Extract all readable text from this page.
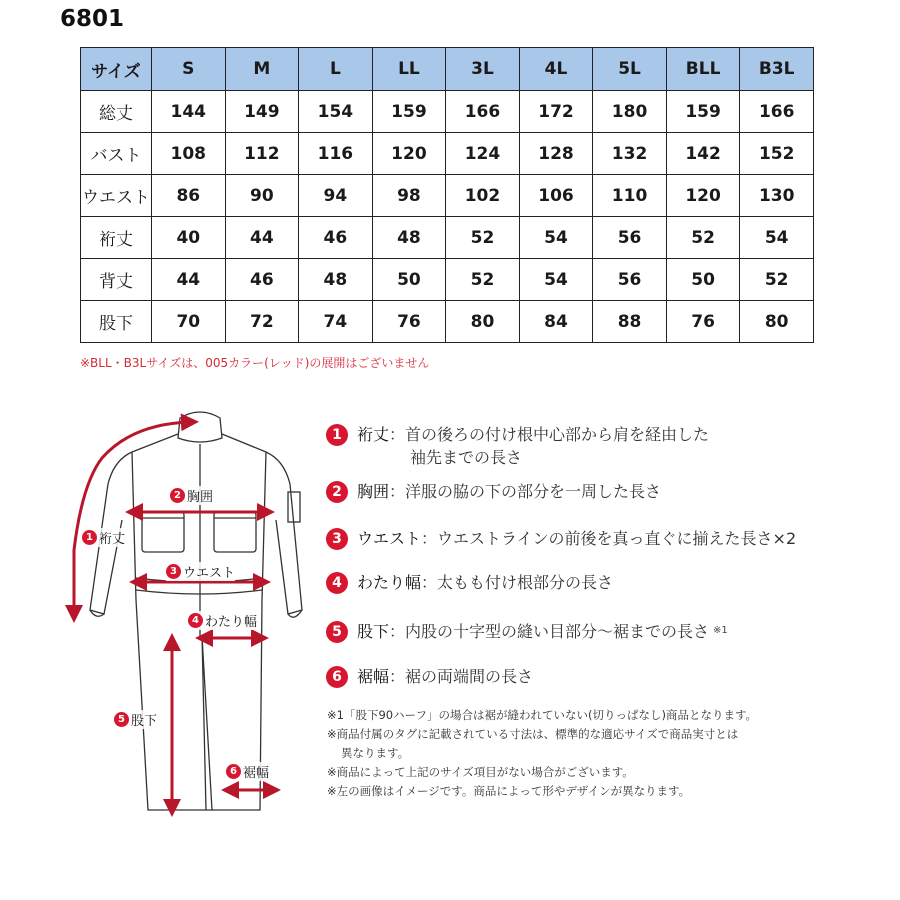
6801
サイズ	S	M	L	LL	3L	4L	5L	BLL	B3L
総丈	144	149	154	159	166	172	180	159	166
バスト	108	112	116	120	124	128	132	142	152
ウエスト	86	90	94	98	102	106	110	120	130
裄丈	40	44	46	48	52	54	56	52	54
背丈	44	46	48	50	52	54	56	50	52
股下	70	72	74	76	80	84	88	76	80
※BLL・B3Lサイズは、005カラー(レッド)の展開はございません
1 裄丈
2 胸囲
3 ウエスト
4 わたり幅
5 股下
6 裾幅
1 裄丈 ：首の後ろの付け根中心部から肩を経由した
袖先までの長さ
2 胸囲 ：洋服の脇の下の部分を一周した長さ
3 ウエスト ：ウエストラインの前後を真っ直ぐに揃えた長さ×2
4 わたり幅 ：太もも付け根部分の長さ
5 股下 ：内股の十字型の縫い目部分〜裾までの長さ ※1
6 裾幅 ：裾の両端間の長さ
※1「股下90ハーフ」の場合は裾が縫われていない(切りっぱなし)商品となります。
※商品付属のタグに記載されている寸法は、標準的な適応サイズで商品実寸とは
異なります。
※商品によって上記のサイズ項目がない場合がございます。
※左の画像はイメージです。商品によって形やデザインが異なります。
